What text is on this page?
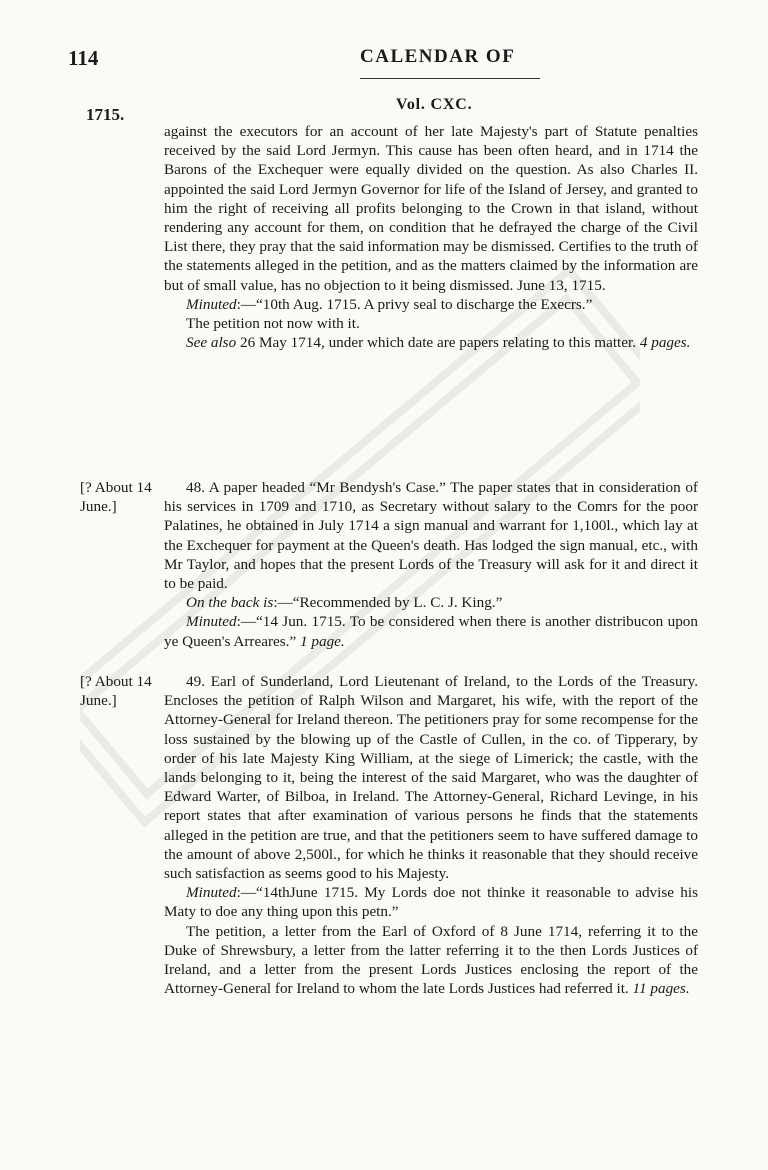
114	CALENDAR OF
1715.
Vol. CXC.

against the executors for an account of her late Majesty's part of Statute penalties received by the said Lord Jermyn. This cause has been often heard, and in 1714 the Barons of the Exchequer were equally divided on the question. As also Charles II. appointed the said Lord Jermyn Governor for life of the Island of Jersey, and granted to him the right of receiving all profits belonging to the Crown in that island, without rendering any account for them, on condition that he defrayed the charge of the Civil List there, they pray that the said information may be dismissed. Certifies to the truth of the statements alleged in the petition, and as the matters claimed by the information are but of small value, has no objection to it being dismissed. June 13, 1715.

Minuted:—“10th Aug. 1715. A privy seal to discharge the Execrs.”

The petition not now with it.

See also 26 May 1714, under which date are papers relating to this matter. 4 pages.

[? About 14 June.]

48. A paper headed “Mr Bendysh's Case.” The paper states that in consideration of his services in 1709 and 1710, as Secretary without salary to the Comrs for the poor Palatines, he obtained in July 1714 a sign manual and warrant for 1,100l., which lay at the Exchequer for payment at the Queen's death. Has lodged the sign manual, etc., with Mr Taylor, and hopes that the present Lords of the Treasury will ask for it and direct it to be paid.

On the back is:—“Recommended by L. C. J. King.”

Minuted:—“14 Jun. 1715. To be considered when there is another distribucon upon ye Queen's Arreares.” 1 page.

[? About 14 June.]

49. Earl of Sunderland, Lord Lieutenant of Ireland, to the Lords of the Treasury. Encloses the petition of Ralph Wilson and Margaret, his wife, with the report of the Attorney-General for Ireland thereon. The petitioners pray for some recompense for the loss sustained by the blowing up of the Castle of Cullen, in the co. of Tipperary, by order of his late Majesty King William, at the siege of Limerick; the castle, with the lands belonging to it, being the interest of the said Margaret, who was the daughter of Edward Warter, of Bilboa, in Ireland. The Attorney-General, Richard Levinge, in his report states that after examination of various persons he finds that the statements alleged in the petition are true, and that the petitioners seem to have suffered damage to the amount of above 2,500l., for which he thinks it reasonable that they should receive such satisfaction as seems good to his Majesty.

Minuted:—“14thJune 1715. My Lords doe not thinke it reasonable to advise his Maty to doe any thing upon this petn.”

The petition, a letter from the Earl of Oxford of 8 June 1714, referring it to the Duke of Shrewsbury, a letter from the latter referring it to the then Lords Justices of Ireland, and a letter from the present Lords Justices enclosing the report of the Attorney-General for Ireland to whom the late Lords Justices had referred it. 11 pages.
